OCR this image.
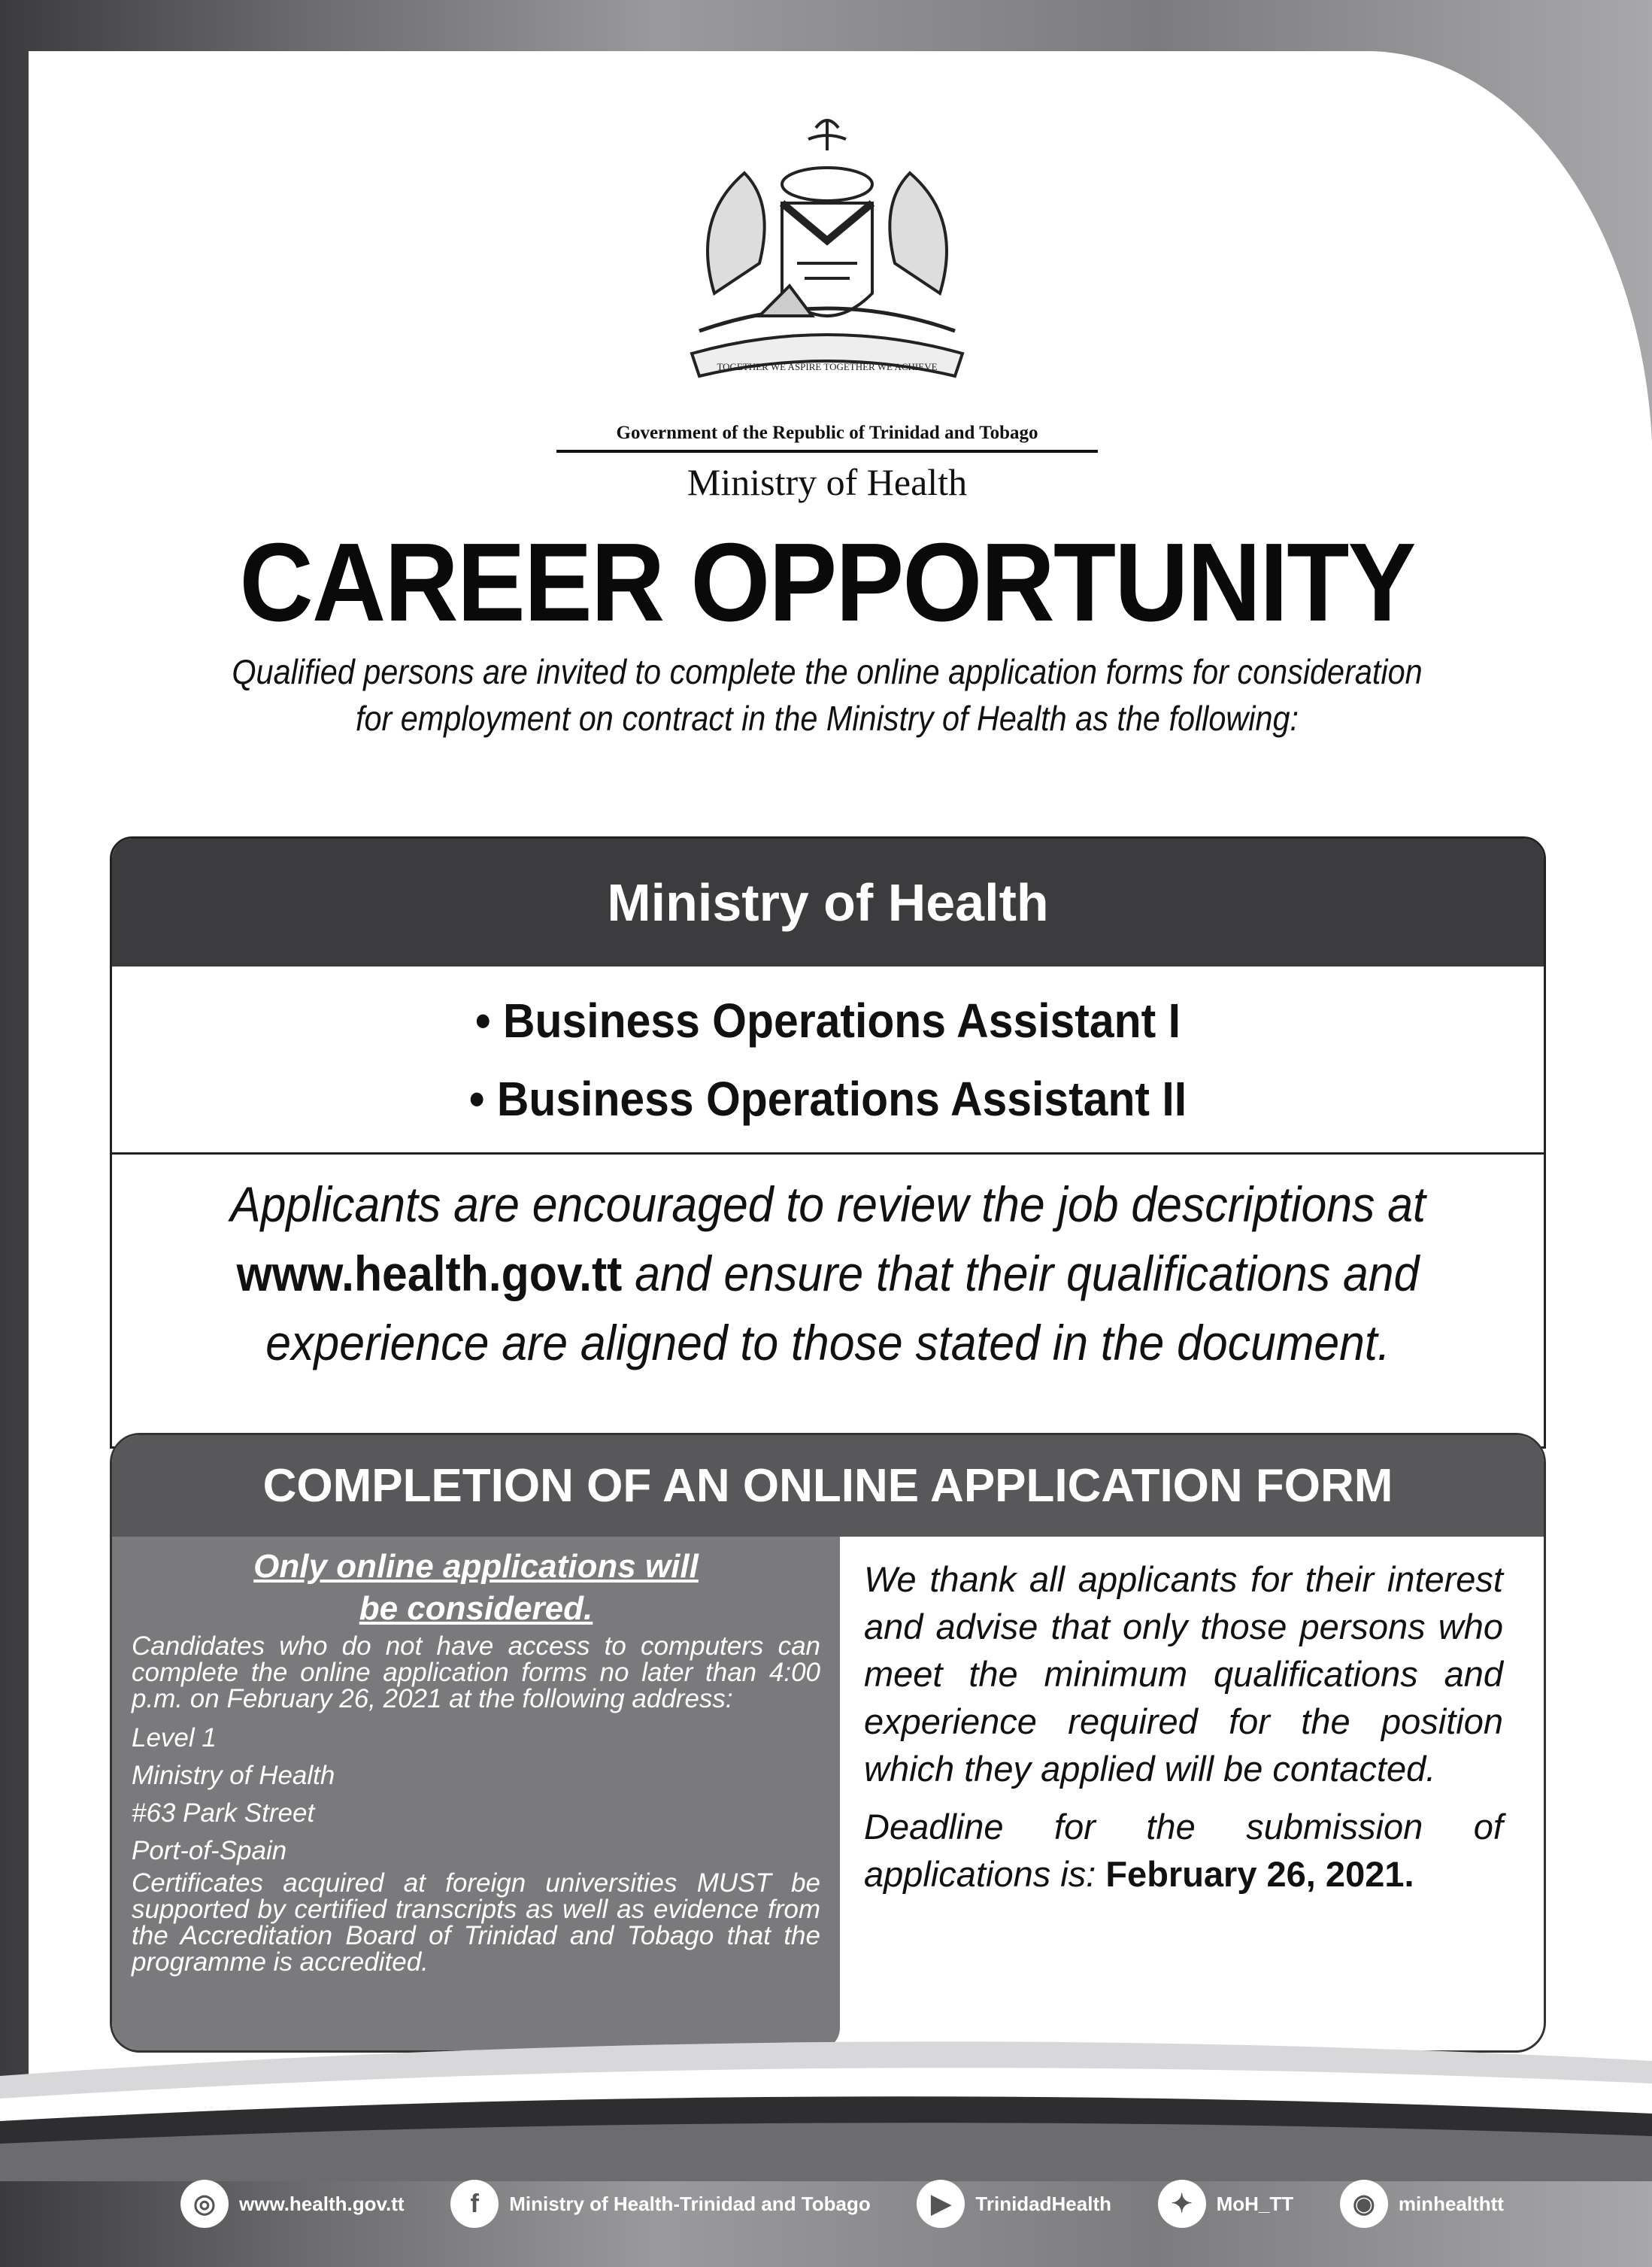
TOGETHER WE ASPIRE TOGETHER WE ACHIEVE
Government of the Republic of Trinidad and Tobago
Ministry of Health
CAREER OPPORTUNITY
Qualified persons are invited to complete the online application forms for consideration for employment on contract in the Ministry of Health as the following:
Ministry of Health
• Business Operations Assistant I
• Business Operations Assistant II
Applicants are encouraged to review the job descriptions at www.health.gov.tt and ensure that their qualifications and experience are aligned to those stated in the document.
COMPLETION OF AN ONLINE APPLICATION FORM
Only online applications will
be considered.
Candidates who do not have access to computers can complete the online application forms no later than 4:00 p.m. on February 26, 2021 at the following address:
Level 1
Ministry of Health
#63 Park Street
Port-of-Spain
Certificates acquired at foreign universities MUST be supported by certified transcripts as well as evidence from the Accreditation Board of Trinidad and Tobago that the programme is accredited.
We thank all applicants for their interest and advise that only those persons who meet the minimum qualifications and experience required for the position which they applied will be contacted.
Deadline for the submission of applications is: February 26, 2021.
◎	www.health.gov.tt	f	Ministry of Health-Trinidad and Tobago	▶	TrinidadHealth	✦	MoH_TT	◉	minhealthtt
